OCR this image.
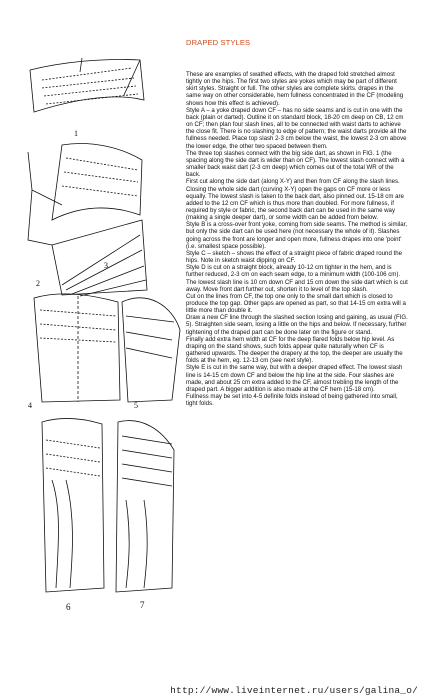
DRAPED STYLES

These are examples of swathed effects, with the draped fold stretched almost tightly on the hips. The first two styles are yokes which may be part of different skirt styles. Straight or full. The other styles are complete skirts. drapes in the same way on other considerable, hem fullness concentrated in the CF (modeling shows how this effect is achieved).

Style A – a yoke draped down CF – has no side seams and is cut in one with the back (plain or darted). Outline it on standard block, 18-20 cm deep on CB, 12 cm on CF; then plan four slash lines, all to be connected with waist darts to achieve the close fit. There is no slashing to edge of pattern; the waist darts provide all the fullness needed. Place top slash 2-3 cm below the waist, the lowest 2-3 cm above the lower edge, the other two spaced between them.

The three top slashes connect with the big side dart, as shown in FIG. 1 (the spacing along the side dart is wider than on CF). The lowest slash connect with a smaller back waist dart (2-3 cm deep) which comes out of the total WR of the back.

First cut along the side dart (along X-Y) and then from CF along the slash lines. Closing the whole side dart (curving X-Y) open the gaps on CF more or less equally. The lowest slash is taken to the back dart, also pinned out. 15-18 cm are added to the 12 cm CF which is thus more than doubled. For more fullness, if required by style or fabric, the second back dart can be used in the same way (making a single deeper dart), or some width can be added from below.

Style B is a cross-over front yoke, coming from side seams. The method is similar, but only the side dart can be used here (not necessary the whole of it). Slashes going across the front are longer and open more, fullness drapes into one 'point' (i.e. smallest space possible).

Style C – sketch – shows the effect of a straight piece of fabric draped round the hips. Note in sketch waist dipping on CF.

Style D is cut on a straight block, already 10-12 cm tighter in the hem, and is further reduced, 2-3 cm on each seam edge, to a minimum width (100-106 cm). The lowest slash line is 10 cm down CF and 15 cm down the side dart which is cut away. Move front dart further out, shorten it to level of the top slash.

Cut on the lines from CF, the top one only to the small dart which is closed to produce the top gap. Other gaps are opened as part, so that 14-15 cm extra will a little more than double it.

Draw a new CF line through the slashed section losing and gaining, as usual (FIG. 5). Straighten side seam, losing a little on the hips and below. If necessary, further tightening of the draped part can be done later on the figure or stand.

Finally add extra hem width at CF for the deep flared folds below hip level. As draping on the stand shows, such folds appear quite naturally when CF is gathered upwards. The deeper the drapery at the top, the deeper are usually the folds at the hem, eg. 12-13 cm (see next style).

Style E is cut in the same way, but with a deeper draped effect. The lowest slash line is 14-15 cm down CF and below the hip line at the side. Four slashes are made, and about 25 cm extra added to the CF, almost trebling the length of the draped part. A bigger addition is also made at the CF hem (15-18 cm).

Fullness may be set into 4-5 definite folds instead of being gathered into small, tight folds.

1
2
3
4	5
6	7
http://www.liveinternet.ru/users/galina_o/
